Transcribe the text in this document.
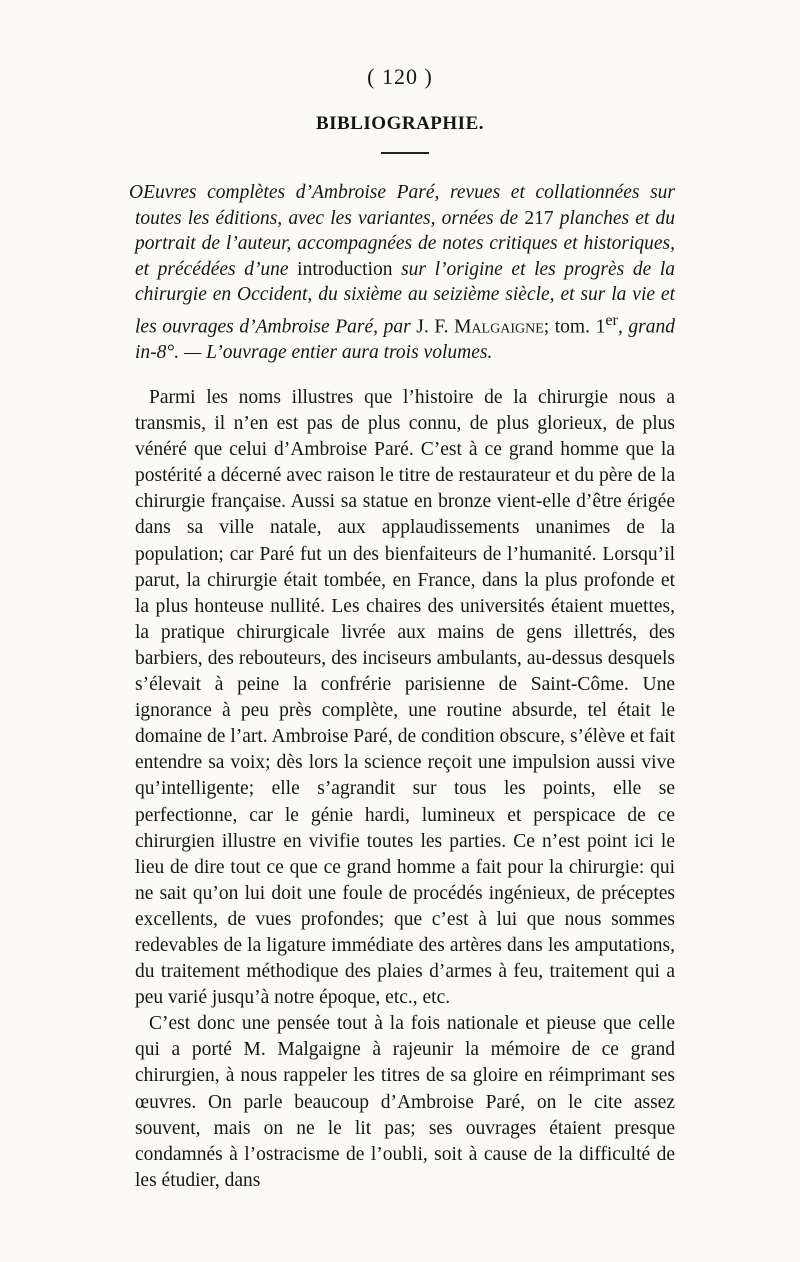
( 120 )
BIBLIOGRAPHIE.
OEuvres complètes d’Ambroise Paré, revues et collationnées sur toutes les éditions, avec les variantes, ornées de 217 planches et du portrait de l’auteur, accompagnées de notes critiques et historiques, et précédées d’une introduction sur l’origine et les progrès de la chirurgie en Occident, du sixième au seizième siècle, et sur la vie et les ouvrages d’Ambroise Paré, par J. F. Malgaigne; tom. 1er, grand in-8°. — L’ouvrage entier aura trois volumes.

Parmi les noms illustres que l’histoire de la chirurgie nous a transmis, il n’en est pas de plus connu, de plus glorieux, de plus vénéré que celui d’Ambroise Paré. C’est à ce grand homme que la postérité a décerné avec raison le titre de restaurateur et du père de la chirurgie française. Aussi sa statue en bronze vient-elle d’être érigée dans sa ville natale, aux applaudissements unanimes de la population; car Paré fut un des bienfaiteurs de l’humanité. Lorsqu’il parut, la chirurgie était tombée, en France, dans la plus profonde et la plus honteuse nullité. Les chaires des universités étaient muettes, la pratique chirurgicale livrée aux mains de gens illettrés, des barbiers, des rebouteurs, des inciseurs ambulants, au-dessus desquels s’élevait à peine la confrérie parisienne de Saint-Côme. Une ignorance à peu près complète, une routine absurde, tel était le domaine de l’art. Ambroise Paré, de condition obscure, s’élève et fait entendre sa voix; dès lors la science reçoit une impulsion aussi vive qu’intelligente; elle s’agrandit sur tous les points, elle se perfectionne, car le génie hardi, lumineux et perspicace de ce chirurgien illustre en vivifie toutes les parties. Ce n’est point ici le lieu de dire tout ce que ce grand homme a fait pour la chirurgie: qui ne sait qu’on lui doit une foule de procédés ingénieux, de préceptes excellents, de vues profondes; que c’est à lui que nous sommes redevables de la ligature immédiate des artères dans les amputations, du traitement méthodique des plaies d’armes à feu, traitement qui a peu varié jusqu’à notre époque, etc., etc.

C’est donc une pensée tout à la fois nationale et pieuse que celle qui a porté M. Malgaigne à rajeunir la mémoire de ce grand chirurgien, à nous rappeler les titres de sa gloire en réimprimant ses œuvres. On parle beaucoup d’Ambroise Paré, on le cite assez souvent, mais on ne le lit pas; ses ouvrages étaient presque condamnés à l’ostracisme de l’oubli, soit à cause de la difficulté de les étudier, dans
